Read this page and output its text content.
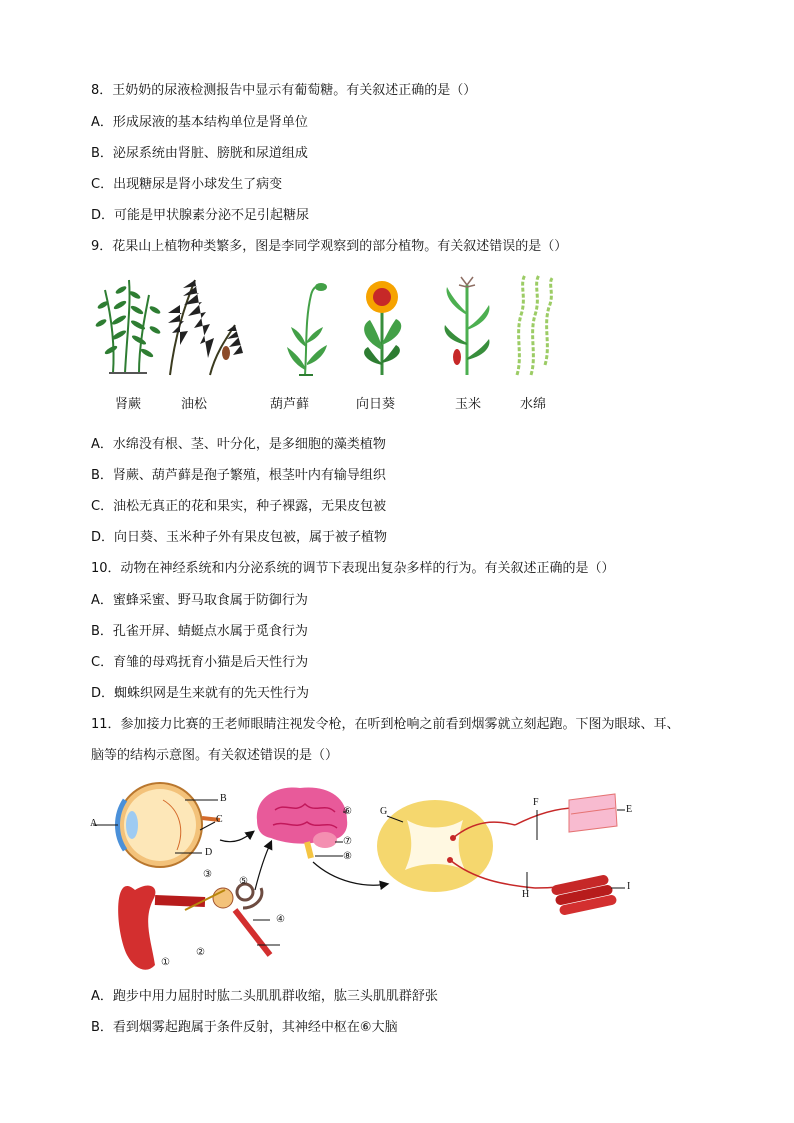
8．王奶奶的尿液检测报告中显示有葡萄糖。有关叙述正确的是（）
A．形成尿液的基本结构单位是肾单位
B．泌尿系统由肾脏、膀胱和尿道组成
C．出现糖尿是肾小球发生了病变
D．可能是甲状腺素分泌不足引起糖尿
9．花果山上植物种类繁多，图是李同学观察到的部分植物。有关叙述错误的是（）
肾蕨	油松	葫芦藓	向日葵	玉米	水绵
A．水绵没有根、茎、叶分化，是多细胞的藻类植物
B．肾蕨、葫芦藓是孢子繁殖，根茎叶内有输导组织
C．油松无真正的花和果实，种子裸露，无果皮包被
D．向日葵、玉米种子外有果皮包被，属于被子植物
10．动物在神经系统和内分泌系统的调节下表现出复杂多样的行为。有关叙述正确的是（）
A．蜜蜂采蜜、野马取食属于防御行为
B．孔雀开屏、蜻蜓点水属于觅食行为
C．育雏的母鸡抚育小猫是后天性行为
D．蜘蛛织网是生来就有的先天性行为
11．参加接力比赛的王老师眼睛注视发令枪，在听到枪响之前看到烟雾就立刻起跑。下图为眼球、耳、
脑等的结构示意图。有关叙述错误的是（）
A
B
C
D
E
F
G
H
I
①
②
③
④
⑤
⑥
⑦
⑧
A．跑步中用力屈肘时肱二头肌肌群收缩，肱三头肌肌群舒张
B．看到烟雾起跑属于条件反射，其神经中枢在⑥大脑
